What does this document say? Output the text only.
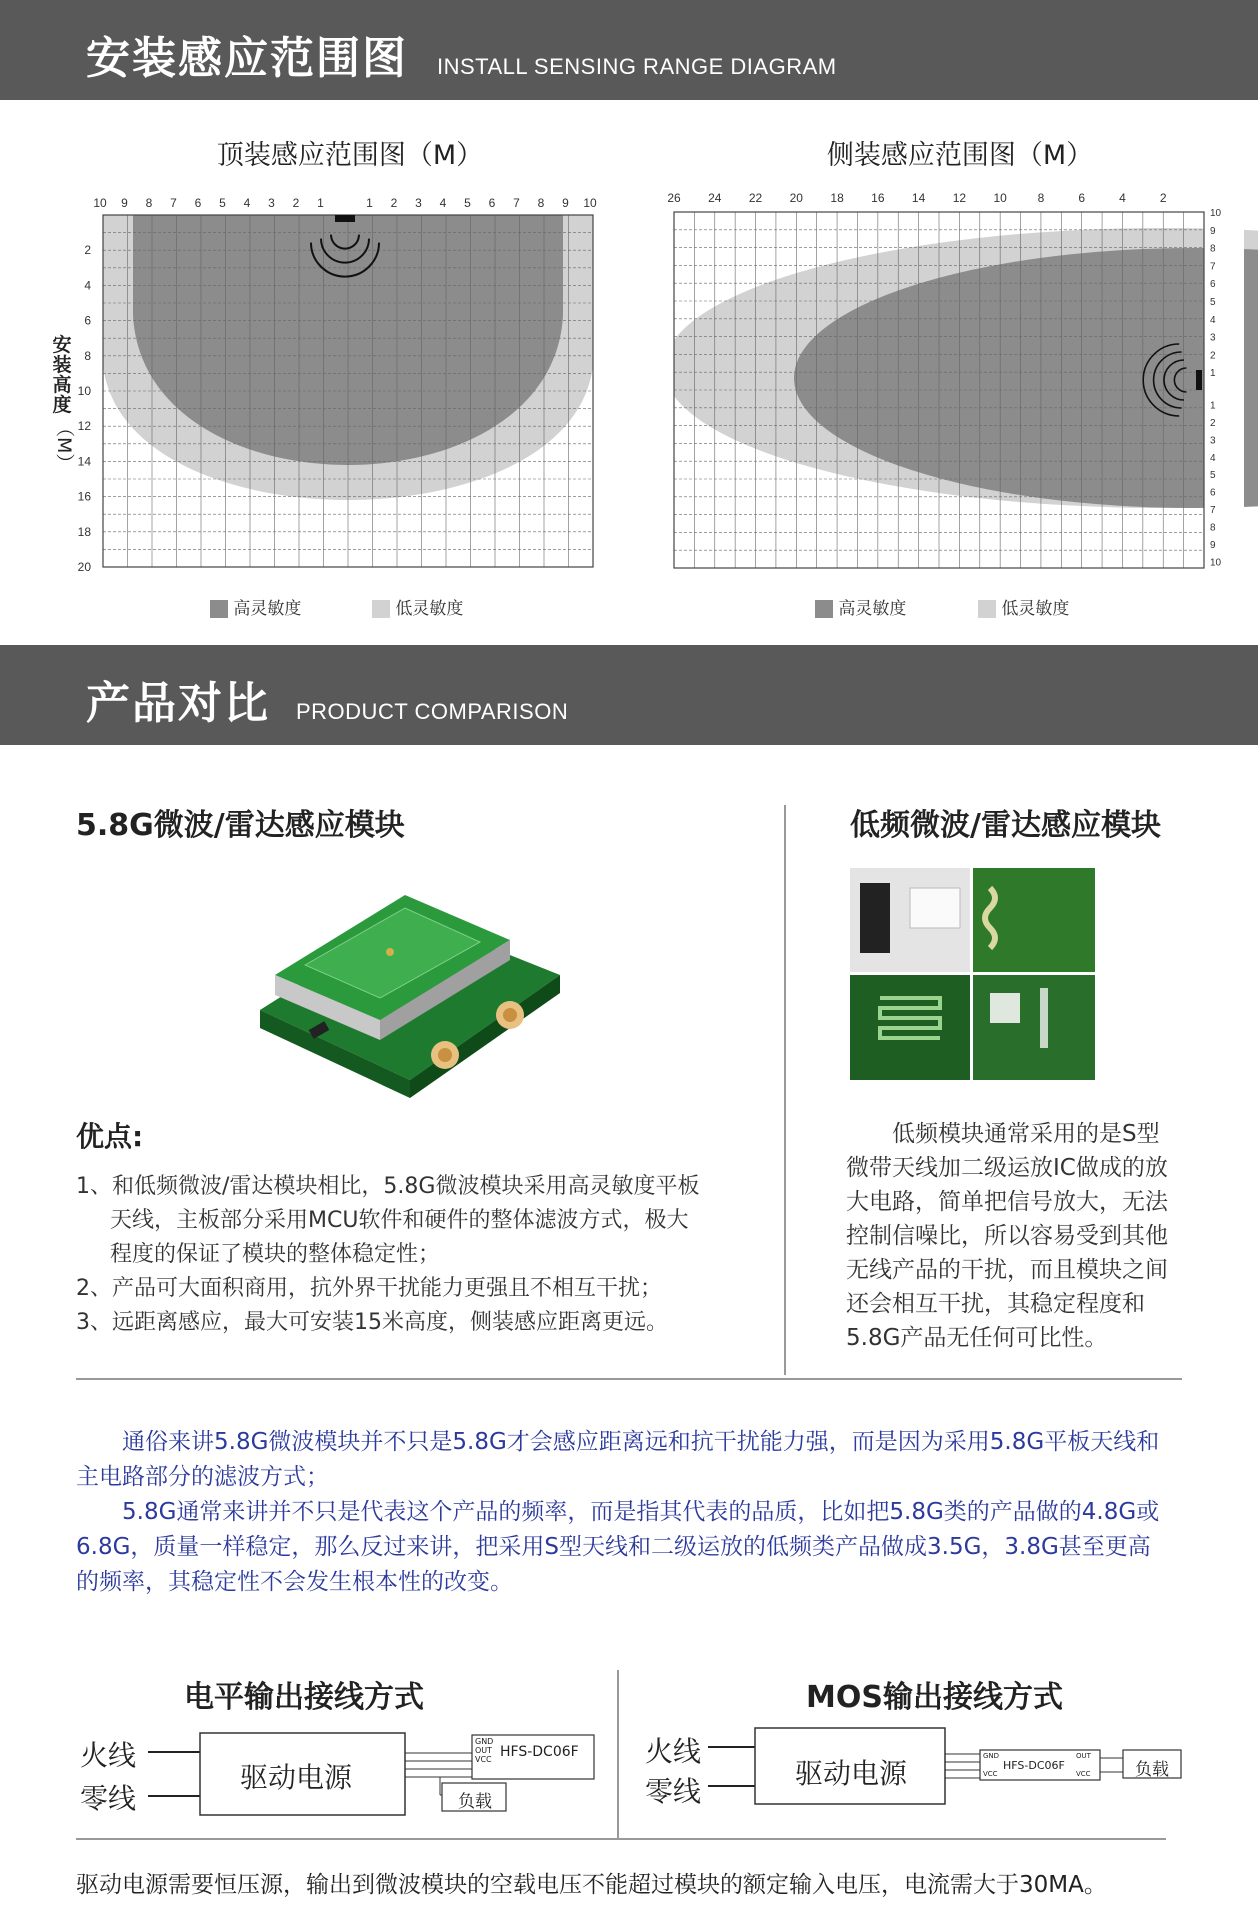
安装感应范围图 INSTALL SENSING RANGE DIAGRAM
顶装感应范围图（M）	侧装感应范围图（M）
10 9 8 7 6 5 4 3 2 1	1 2 3 4 5 6 7 8 9 10
2
4
6
8
10
12
14
16
18
20
安装高度
（M）
26 24 22 20 18 16 14 12 10	8	6	4	2
10
9
8
7
6
5
4
3
2
1
1
2
3
4
5
6
7
8
9
10
高灵敏度	低灵敏度	高灵敏度	低灵敏度
产品对比 PRODUCT COMPARISON
5.8G微波/雷达感应模块
优点:
1、和低频微波/雷达模块相比，5.8G微波模块采用高灵敏度平板
天线，主板部分采用MCU软件和硬件的整体滤波方式，极大
程度的保证了模块的整体稳定性；
2、产品可大面积商用，抗外界干扰能力更强且不相互干扰；
3、远距离感应，最大可安装15米高度，侧装感应距离更远。
低频微波/雷达感应模块
　　低频模块通常采用的是S型
微带天线加二级运放IC做成的放
大电路，简单把信号放大，无法
控制信噪比，所以容易受到其他
无线产品的干扰，而且模块之间
还会相互干扰，其稳定程度和
5.8G产品无任何可比性。
　　通俗来讲5.8G微波模块并不只是5.8G才会感应距离远和抗干扰能力强，而是因为采用5.8G平板天线和
主电路部分的滤波方式；
　　5.8G通常来讲并不只是代表这个产品的频率，而是指其代表的品质，比如把5.8G类的产品做的4.8G或
6.8G，质量一样稳定，那么反过来讲，把采用S型天线和二级运放的低频类产品做成3.5G，3.8G甚至更高
的频率，其稳定性不会发生根本性的改变。
电平输出接线方式
火线
零线
驱动电源
GND
OUT
VCC HFS-DC06F
负载
MOS输出接线方式
火线
零线
驱动电源
GND
VCC
HFS-DC06F
OUT
VCC	负载
驱动电源需要恒压源，输出到微波模块的空载电压不能超过模块的额定输入电压，电流需大于30MA。
